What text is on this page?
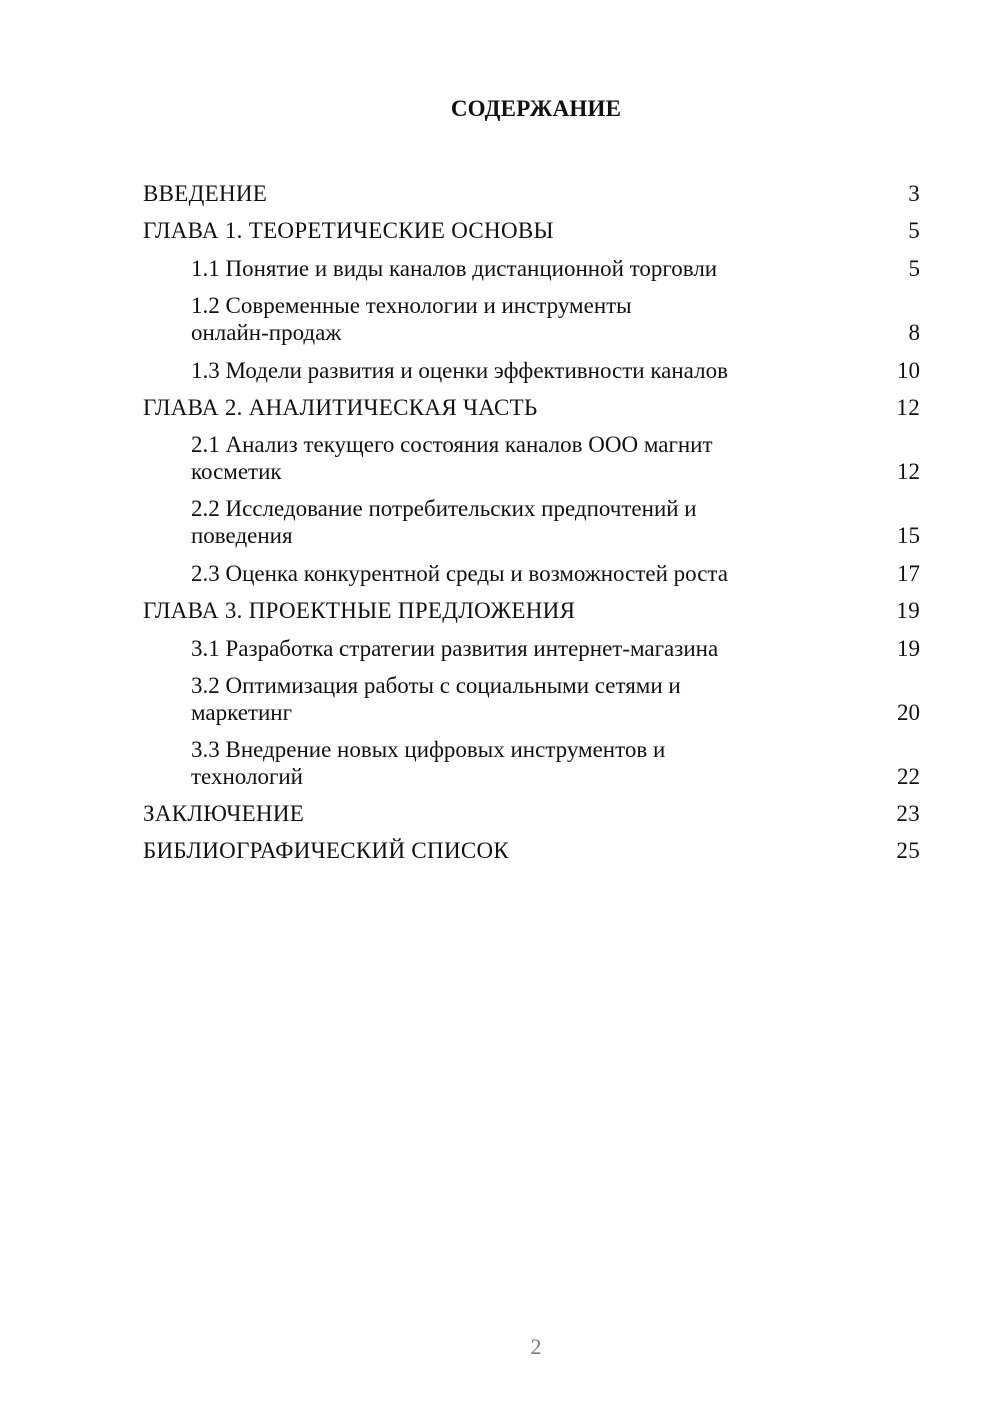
СОДЕРЖАНИЕ
ВВЕДЕНИЕ	3
ГЛАВА 1. ТЕОРЕТИЧЕСКИЕ ОСНОВЫ	5
1.1 Понятие и виды каналов дистанционной торговли	5
1.2 Современные технологии и инструменты онлайн-продаж	8
1.3 Модели развития и оценки эффективности каналов	10
ГЛАВА 2. АНАЛИТИЧЕСКАЯ ЧАСТЬ	12
2.1 Анализ текущего состояния каналов ООО магнит косметик	12
2.2 Исследование потребительских предпочтений и поведения	15
2.3 Оценка конкурентной среды и возможностей роста	17
ГЛАВА 3. ПРОЕКТНЫЕ ПРЕДЛОЖЕНИЯ	19
3.1 Разработка стратегии развития интернет-магазина	19
3.2 Оптимизация работы с социальными сетями и маркетинг	20
3.3 Внедрение новых цифровых инструментов и технологий	22
ЗАКЛЮЧЕНИЕ	23
БИБЛИОГРАФИЧЕСКИЙ СПИСОК	25
2
